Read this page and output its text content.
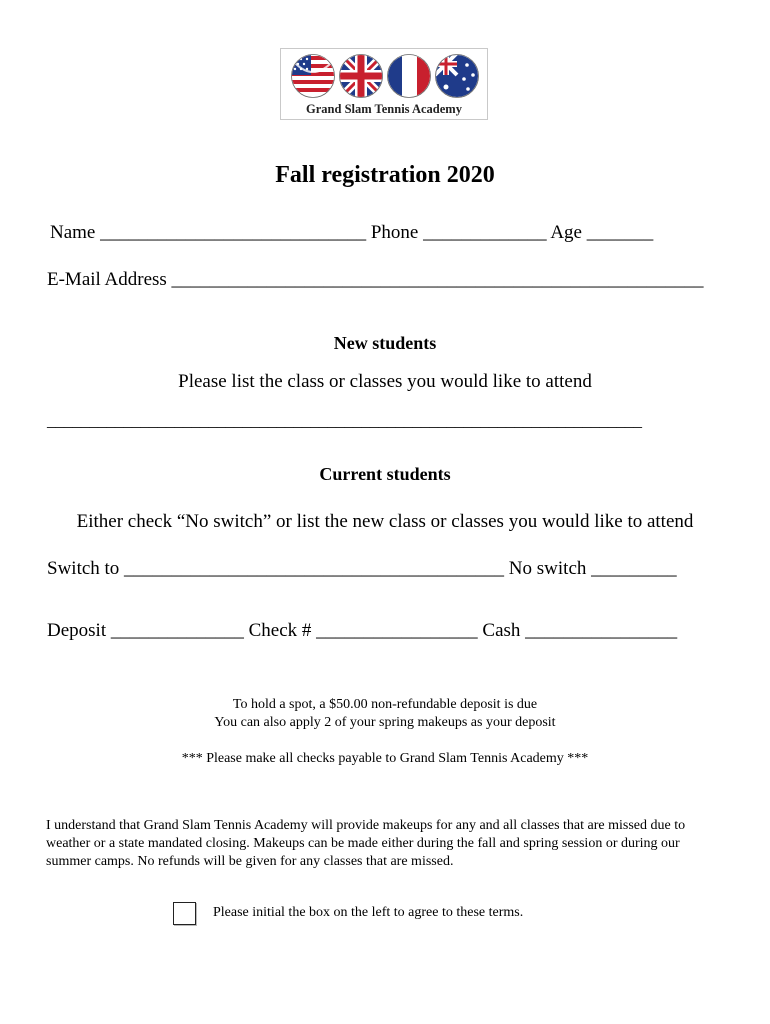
Grand Slam Tennis Academy
Fall registration 2020
Name ____________________________ Phone _____________ Age _______
E-Mail Address ________________________________________________________
New students
Please list the class or classes you would like to attend
______________________________________________________________________
Current students
Either check “No switch” or list the new class or classes you would like to attend
Switch to ________________________________________ No switch _________
Deposit ______________ Check # _________________ Cash ________________
To hold a spot, a $50.00 non-refundable deposit is due
You can also apply 2 of your spring makeups as your deposit
*** Please make all checks payable to Grand Slam Tennis Academy ***
I understand that Grand Slam Tennis Academy will provide makeups for any and all classes that are missed due to weather or a state mandated closing. Makeups can be made either during the fall and spring session or during our summer camps. No refunds will be given for any classes that are missed.
Please initial the box on the left to agree to these terms.
